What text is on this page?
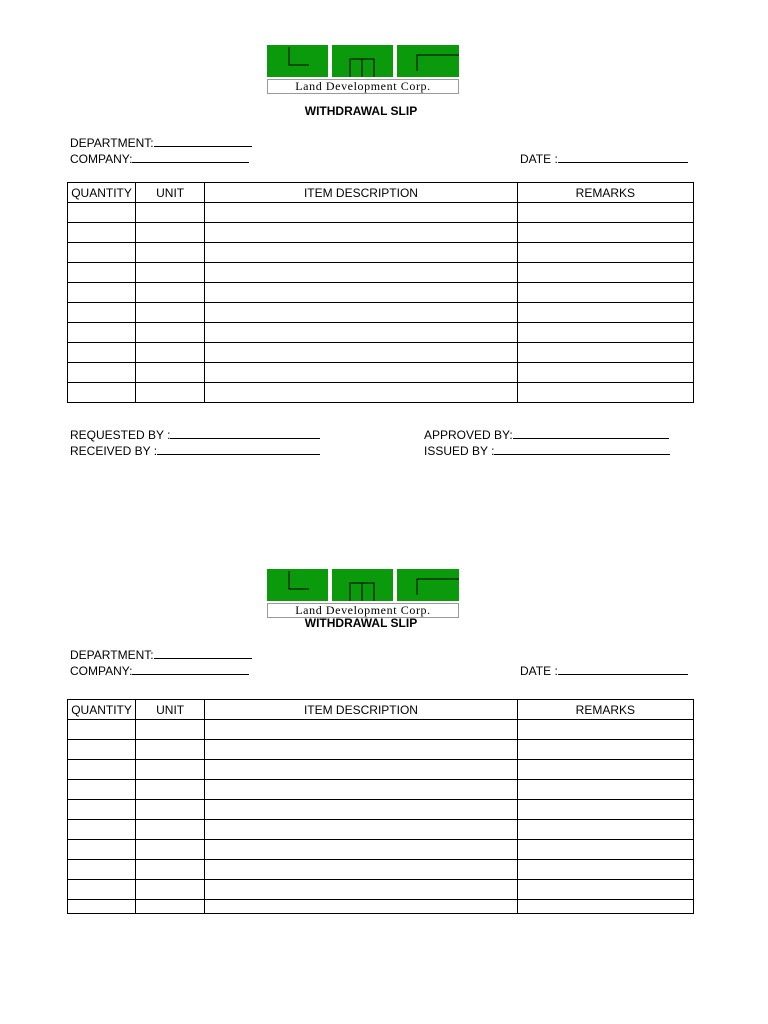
Land Development Corp.
WITHDRAWAL SLIP
DEPARTMENT:
COMPANY:	DATE :
QUANTITY	UNIT	ITEM DESCRIPTION	REMARKS

REQUESTED BY :
RECEIVED BY :
APPROVED BY:
ISSUED BY :
Land Development Corp.
WITHDRAWAL SLIP
DEPARTMENT:
COMPANY:	DATE :
QUANTITY	UNIT	ITEM DESCRIPTION	REMARKS
